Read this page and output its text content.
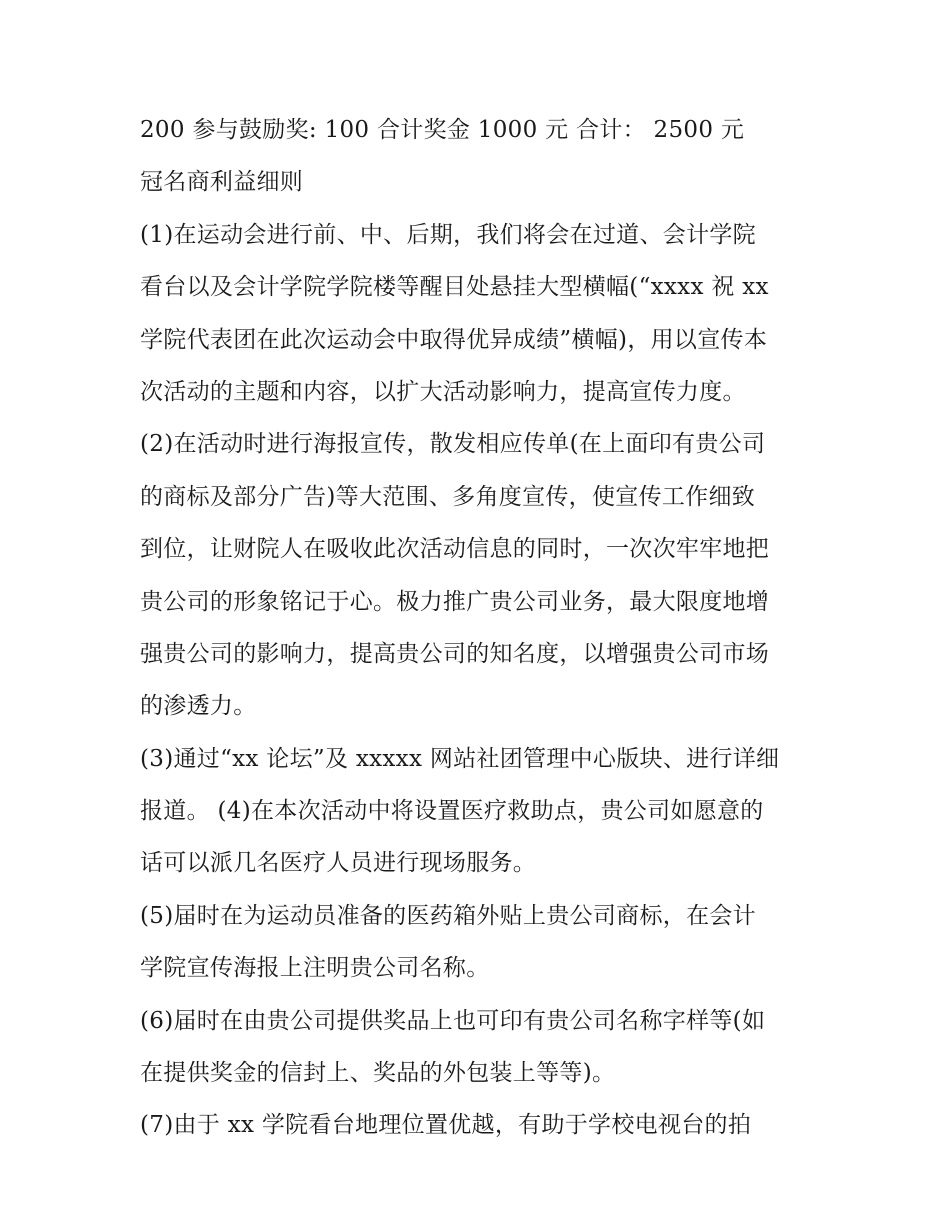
200 参与鼓励奖: 100 合计奖金 1000 元 合计： 2500 元
冠名商利益细则
(1)在运动会进行前、中、后期，我们将会在过道、会计学院
看台以及会计学院学院楼等醒目处悬挂大型横幅(“xxxx 祝 xx
学院代表团在此次运动会中取得优异成绩”横幅)，用以宣传本
次活动的主题和内容，以扩大活动影响力，提高宣传力度。
(2)在活动时进行海报宣传，散发相应传单(在上面印有贵公司
的商标及部分广告)等大范围、多角度宣传，使宣传工作细致
到位，让财院人在吸收此次活动信息的同时，一次次牢牢地把
贵公司的形象铭记于心。极力推广贵公司业务，最大限度地增
强贵公司的影响力，提高贵公司的知名度，以增强贵公司市场
的渗透力。
(3)通过“xx 论坛”及 xxxxx 网站社团管理中心版块、进行详细
报道。 (4)在本次活动中将设置医疗救助点，贵公司如愿意的
话可以派几名医疗人员进行现场服务。
(5)届时在为运动员准备的医药箱外贴上贵公司商标，在会计
学院宣传海报上注明贵公司名称。
(6)届时在由贵公司提供奖品上也可印有贵公司名称字样等(如
在提供奖金的信封上、奖品的外包装上等等)。
(7)由于 xx 学院看台地理位置优越，有助于学校电视台的拍
